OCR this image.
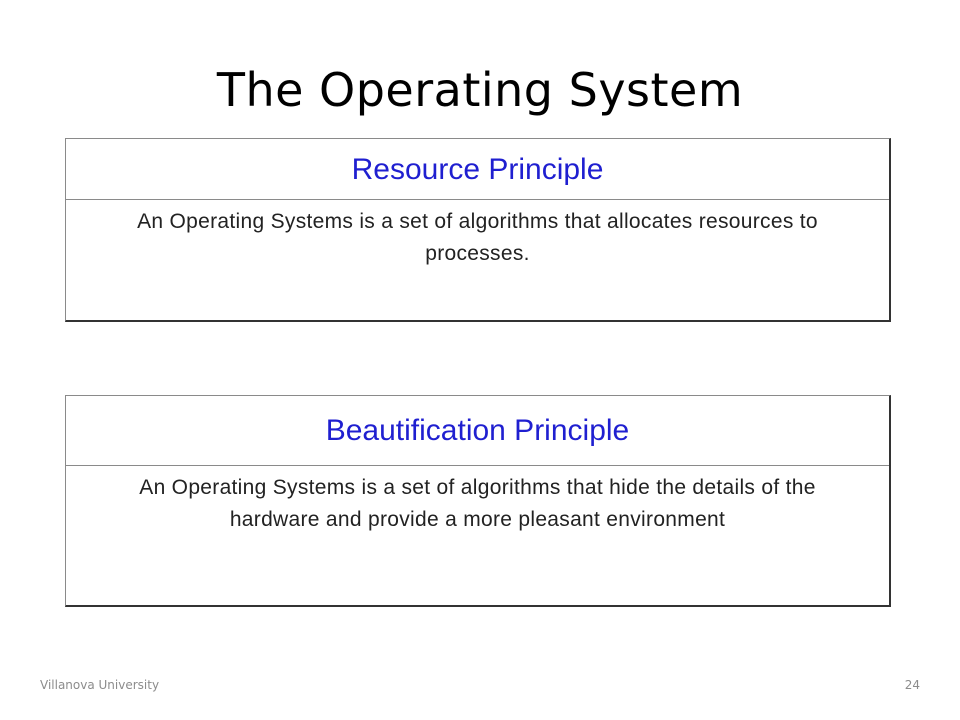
The Operating System
Resource Principle
An Operating Systems is a set of algorithms that allocates resources to processes.
Beautification Principle
An Operating Systems is a set of algorithms that hide the details of the hardware and provide a more pleasant environment
Villanova University	24
